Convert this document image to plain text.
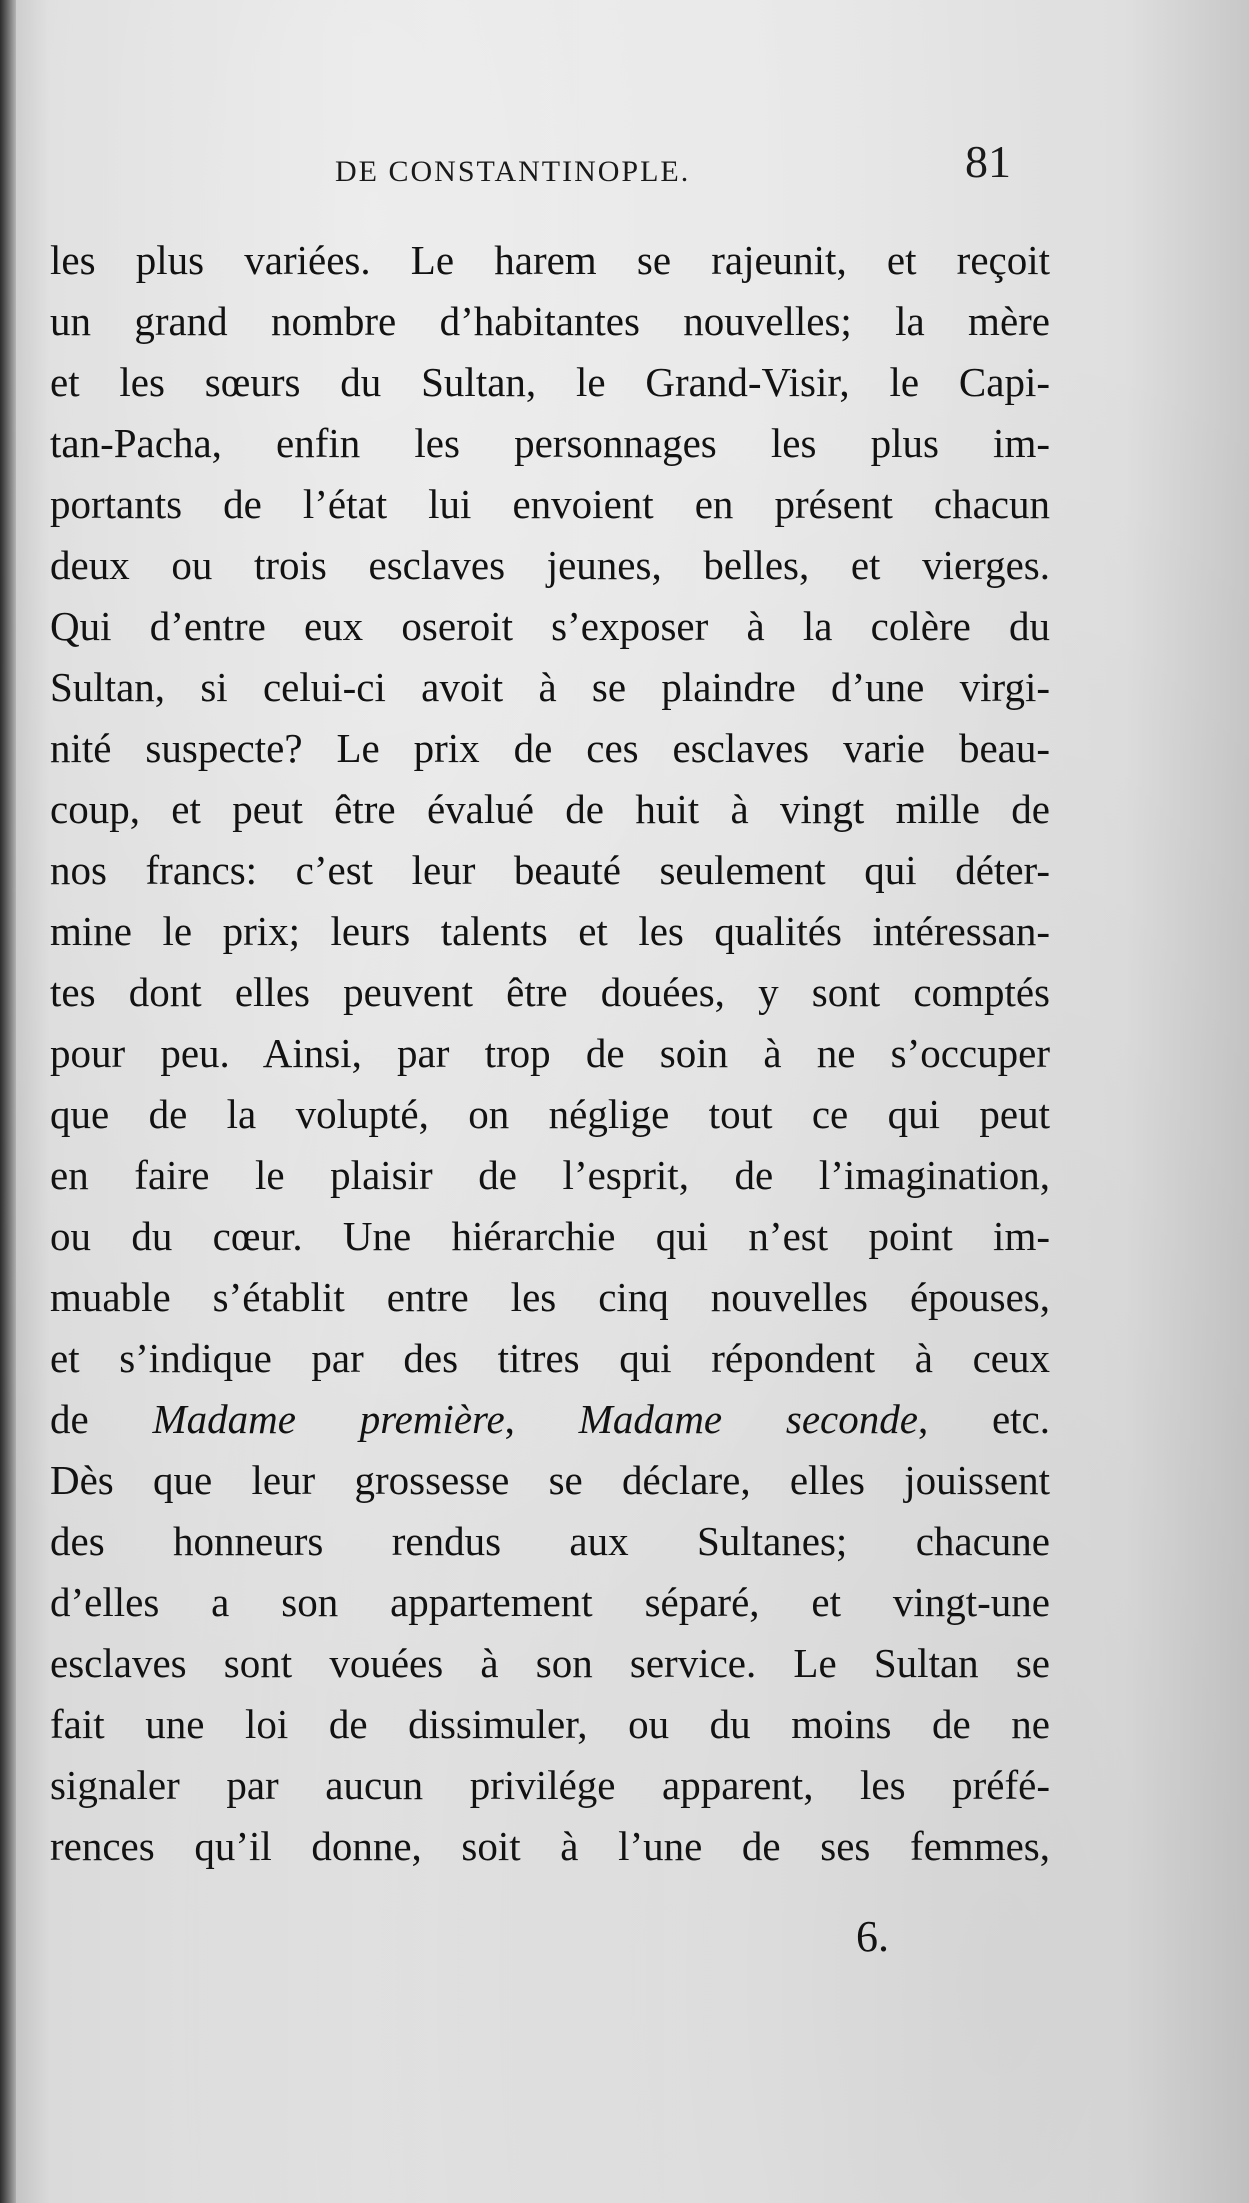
DE CONSTANTINOPLE.	81
les plus variées. Le harem se rajeunit, et reçoit
un grand nombre d’habitantes nouvelles; la mère
et les sœurs du Sultan, le Grand-Visir, le Capi-
tan-Pacha, enfin les personnages les plus im-
portants de l’état lui envoient en présent chacun
deux ou trois esclaves jeunes, belles, et vierges.
Qui d’entre eux oseroit s’exposer à la colère du
Sultan, si celui-ci avoit à se plaindre d’une virgi-
nité suspecte? Le prix de ces esclaves varie beau-
coup, et peut être évalué de huit à vingt mille de
nos francs: c’est leur beauté seulement qui déter-
mine le prix; leurs talents et les qualités intéressan-
tes dont elles peuvent être douées, y sont comptés
pour peu. Ainsi, par trop de soin à ne s’occuper
que de la volupté, on néglige tout ce qui peut
en faire le plaisir de l’esprit, de l’imagination,
ou du cœur. Une hiérarchie qui n’est point im-
muable s’établit entre les cinq nouvelles épouses,
et s’indique par des titres qui répondent à ceux
de Madame première, Madame seconde, etc.
Dès que leur grossesse se déclare, elles jouissent
des honneurs rendus aux Sultanes; chacune
d’elles a son appartement séparé, et vingt-une
esclaves sont vouées à son service. Le Sultan se
fait une loi de dissimuler, ou du moins de ne
signaler par aucun privilége apparent, les préfé-
rences qu’il donne, soit à l’une de ses femmes,
6.
